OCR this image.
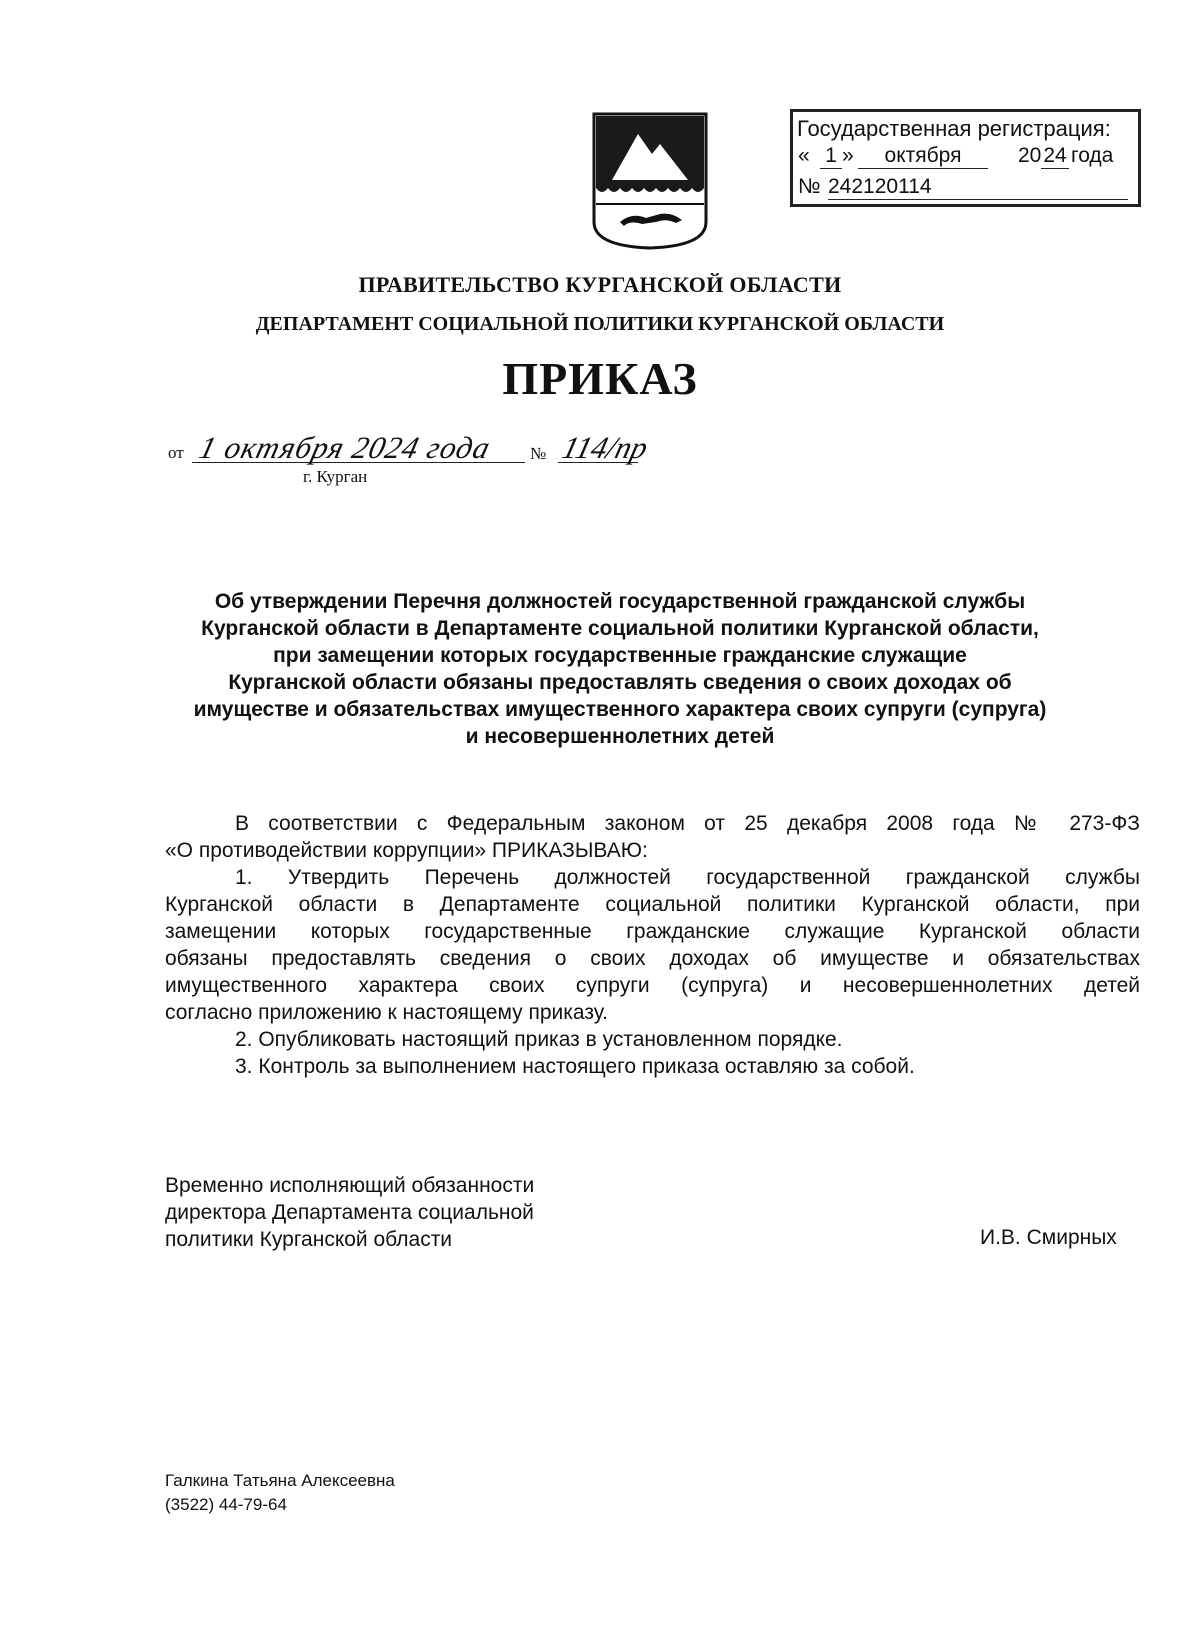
Государственная регистрация:
« 1 »	октября	20 24 года
№ 242120114
ПРАВИТЕЛЬСТВО КУРГАНСКОЙ ОБЛАСТИ
ДЕПАРТАМЕНТ СОЦИАЛЬНОЙ ПОЛИТИКИ КУРГАНСКОЙ ОБЛАСТИ
ПРИКАЗ
от 1 октября 2024 года № 114/пр
г. Курган
Об утверждении Перечня должностей государственной гражданской службы
Курганской области в Департаменте социальной политики Курганской области,
при замещении которых государственные гражданские служащие
Курганской области обязаны предоставлять сведения о своих доходах об
имуществе и обязательствах имущественного характера своих супруги (супруга)
и несовершеннолетних детей
В соответствии с Федеральным законом от 25 декабря 2008 года № 273-ФЗ
«О противодействии коррупции» ПРИКАЗЫВАЮ:
1. Утвердить Перечень должностей государственной гражданской службы
Курганской области в Департаменте социальной политики Курганской области, при
замещении которых государственные гражданские служащие Курганской области
обязаны предоставлять сведения о своих доходах об имуществе и обязательствах
имущественного характера своих супруги (супруга) и несовершеннолетних детей
согласно приложению к настоящему приказу.
2. Опубликовать настоящий приказ в установленном порядке.
3. Контроль за выполнением настоящего приказа оставляю за собой.
Временно исполняющий обязанности
директора Департамента социальной
политики Курганской области	И.В. Смирных
Галкина Татьяна Алексеевна
(3522) 44-79-64
